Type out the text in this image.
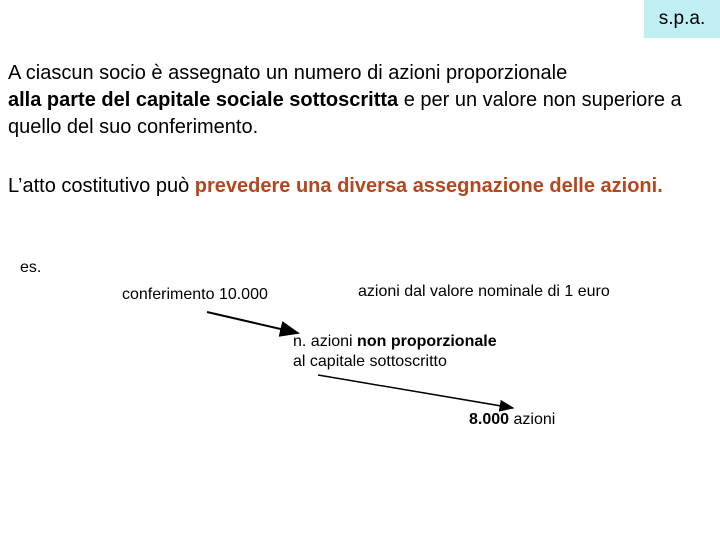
s.p.a.

A ciascun socio è assegnato un numero di azioni proporzionale
alla parte del capitale sociale sottoscritta e per un valore non superiore a quello del suo conferimento.

L’atto costitutivo può prevedere una diversa assegnazione delle azioni.

es.
conferimento 10.000	azioni dal valore nominale di 1 euro
n. azioni non proporzionale
al capitale sottoscritto
8.000 azioni
